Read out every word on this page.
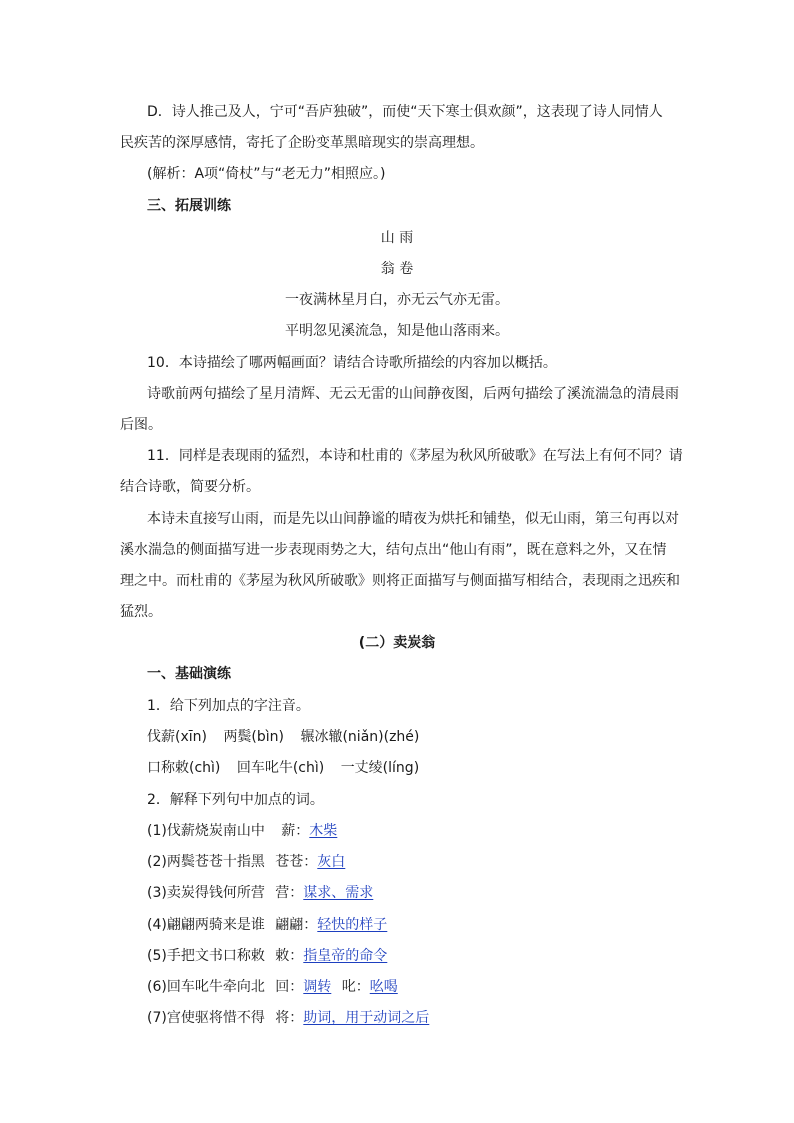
D．诗人推己及人，宁可“吾庐独破”，而使“天下寒士俱欢颜”，这表现了诗人同情人
民疾苦的深厚感情，寄托了企盼变革黑暗现实的崇高理想。
(解析：A项“倚杖”与“老无力”相照应。)
三、拓展训练
山 雨
翁 卷
一夜满林星月白，亦无云气亦无雷。
平明忽见溪流急，知是他山落雨来。
10．本诗描绘了哪两幅画面？请结合诗歌所描绘的内容加以概括。
诗歌前两句描绘了星月清辉、无云无雷的山间静夜图，后两句描绘了溪流湍急的清晨雨
后图。
11．同样是表现雨的猛烈，本诗和杜甫的《茅屋为秋风所破歌》在写法上有何不同？请
结合诗歌，简要分析。
本诗未直接写山雨，而是先以山间静谧的晴夜为烘托和铺垫，似无山雨，第三句再以对
溪水湍急的侧面描写进一步表现雨势之大，结句点出“他山有雨”，既在意料之外，又在情
理之中。而杜甫的《茅屋为秋风所破歌》则将正面描写与侧面描写相结合，表现雨之迅疾和
猛烈。
(二）卖炭翁
一、基础演练
1．给下列加点的字注音。
伐薪(xīn) 两鬓(bìn) 辗冰辙(niǎn)(zhé)
口称敕(chì) 回车叱牛(chì) 一丈绫(líng)
2．解释下列句中加点的词。
(1)伐薪烧炭南山中 薪：木柴
(2)两鬓苍苍十指黑 苍苍：灰白
(3)卖炭得钱何所营 营：谋求、需求
(4)翩翩两骑来是谁 翩翩：轻快的样子
(5)手把文书口称敕 敕：指皇帝的命令
(6)回车叱牛牵向北 回：调转 叱：吆喝
(7)宫使驱将惜不得 将：助词，用于动词之后
